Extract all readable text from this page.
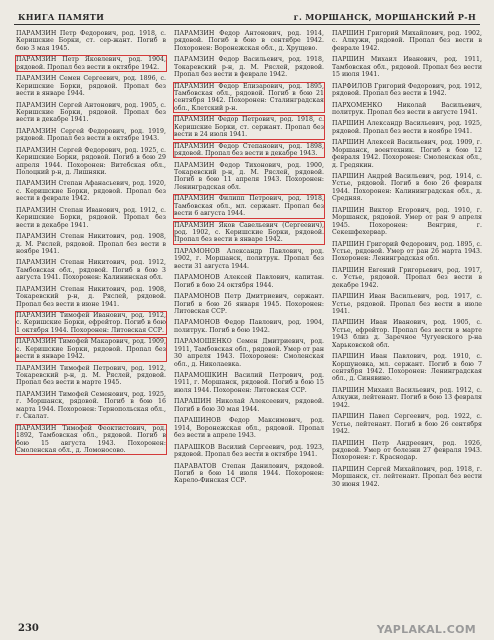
КНИГА ПАМЯТИ	г. МОРШАНСК, МОРШАНСКИЙ Р-Н

ПАРАМЗИН Петр Федорович, род. 1918, с. Керишские Борки, ст. сер-жант. Погиб в бою 3 мая 1945.

ПАРАМЗИН Петр Яковлевич, род. 1904, рядовой. Пропал без вести в октябре 1942.

ПАРАМЗИН Семен Сергеевич, род. 1896, с. Керишские Борки, рядовой. Пропал без вести в январе 1944.

ПАРАМЗИН Сергей Антонович, род. 1905, с. Керишские Борки, рядовой. Пропал без вести в декабре 1941.

ПАРАМЗИН Сергей Федорович, род. 1919, рядовой. Пропал без вести в октябре 1943.

ПАРАМЗИН Сергей Федорович, род. 1925, с. Керишские Борки, рядовой. Погиб в бою 29 апреля 1944. Похоронен: Витебская обл., Полоцкий р-н, д. Лишняки.

ПАРАМЗИН Степан Афанасьевич, род. 1920, с. Керишские Борки, рядовой. Пропал без вести в феврале 1942.

ПАРАМЗИН Степан Иванович, род. 1912, с. Керишские Борки, рядовой. Пропал без вести в декабре 1941.

ПАРАМЗИН Степан Никитович, род. 1908, д. М. Ряслей, рядовой. Пропал без вести в ноябре 1941.

ПАРАМЗИН Степан Никитович, род. 1912, Тамбовская обл., рядовой. Погиб в бою 3 августа 1941. Похоронен: Калининская обл.

ПАРАМЗИН Степан Никитович, род. 1908, Токаревский р-н, д. Ряслей, рядовой. Пропал без вести в июне 1941.

ПАРАМЗИН Тимофей Иванович, род. 1912, с. Керишские Борки, ефрейтор. Погиб в бою 1 октября 1944. Похоронен: Литовская ССР.

ПАРАМЗИН Тимофей Макарович, род. 1909, с. Керишские Борки, рядовой. Пропал без вести в январе 1942.

ПАРАМЗИН Тимофей Петрович, род. 1912, Токаревский р-н, д. М. Ряслей, рядовой. Пропал без вести в марте 1945.

ПАРАМЗИН Тимофей Семенович, род. 1925, г. Моршанск, рядовой. Погиб в бою 16 марта 1944. Похоронен: Тернопольская обл., г. Скалат.

ПАРАМЗИН Тимофей Феоктистович, род. 1892, Тамбовская обл., рядовой. Погиб в бою 15 августа 1943. Похоронен: Смоленская обл., д. Ломоносово.

ПАРАМЗИН Федор Антонович, род. 1914, рядовой. Погиб в бою в сентябре 1942. Похоронен: Воронежская обл., д. Хрущево.

ПАРАМЗИН Федор Васильевич, род. 1918, Токаревский р-н, д. М. Ряслей, рядовой. Пропал без вести в феврале 1942.

ПАРАМЗИН Федор Елизарович, род. 1895, Тамбовская обл., рядовой. Погиб в бою 21 сентября 1942. Похоронен: Сталинградская обл., Клетский р-н.

ПАРАМЗИН Федор Петрович, род. 1918, с. Керишские Борки, ст. сержант. Пропал без вести в 24 июля 1941.

ПАРАМЗИН Федор Степанович, род. 1898, рядовой. Пропал без вести в декабре 1943.

ПАРАМЗИН Федор Тихонович, род. 1900, Токаревский р-н, д. М. Ряслей, рядовой. Погиб в бою 11 апреля 1943. Похоронен: Ленинградская обл.

ПАРАМЗИН Филипп Петрович, род. 1918, Тамбовская обл., мл. сержант. Пропал без вести 6 августа 1944.

ПАРАМЗИН Яков Савельевич (Сергеевич), род. 1902, с. Керишские Борки, рядовой. Пропал без вести в январе 1942.

ПАРАМОНОВ Александр Павлович, род. 1902, г. Моршанск, политрук. Пропал без вести 31 августа 1944.

ПАРАМОНОВ Алексей Павлович, капитан. Погиб в бою 24 октября 1944.

ПАРАМОНОВ Петр Дмитриевич, сержант. Погиб в бою 26 января 1945. Похоронен: Литовская ССР.

ПАРАМОНОВ Федор Павлович, род. 1904, политрук. Погиб в бою 1942.

ПАРАМОШЕНКО Семен Дмитриевич, род. 1911, Тамбовская обл., рядовой. Умер от ран 30 апреля 1943. Похоронен: Смоленская обл., д. Николаевка.

ПАРАМОШКИН Василий Петрович, род. 1911, г. Моршанск, рядовой. Погиб в бою 15 июля 1944. Похоронен: Литовская ССР.

ПАРАШИН Николай Алексеевич, рядовой. Погиб в бою 30 мая 1944.

ПАРАШИНОВ Федор Максимович, род. 1914, Воронежская обл., рядовой. Пропал без вести в апреле 1943.

ПАРАШКОВ Василий Сергеевич, род. 1923, рядовой. Пропал без вести в октябре 1941.

ПАРАВАТОВ Степан Данилович, рядовой. Погиб в бою 14 июля 1944. Похоронен: Карело-Финская ССР.

ПАРШИН Григорий Михайлович, род. 1902, с. Алкужи, рядовой. Пропал без вести в феврале 1942.

ПАРШИН Михаил Иванович, род. 1911, Тамбовская обл., рядовой. Пропал без вести 15 июля 1941.

ПАРФИЛОВ Григорий Федорович, род. 1912, рядовой. Пропал без вести в 1942.

ПАРХОМЕНКО Николай Васильевич, политрук. Пропал без вести в августе 1941.

ПАРШИН Александр Васильевич, род. 1925, рядовой. Пропал без вести в ноябре 1941.

ПАРШИН Алексей Васильевич, род. 1909, г. Моршанск, воентехник. Погиб в бою 12 февраля 1942. Похоронен: Смоленская обл., д. Гредякин.

ПАРШИН Андрей Васильевич, род. 1914, с. Устье, рядовой. Погиб в бою 26 февраля 1944. Похоронен: Калининградская обл., д. Средняя.

ПАРШИН Виктор Егорович, род. 1910, г. Моршанск, рядовой. Умер от ран 9 апреля 1945. Похоронен: Венгрия, г. Секешфехервар.

ПАРШИН Григорий Федорович, род. 1895, с. Устье, рядовой. Умер от ран 26 марта 1943. Похоронен: Ленинградская обл.

ПАРШИН Евгений Григорьевич, род. 1917, с. Устье, рядовой. Пропал без вести в декабре 1942.

ПАРШИН Иван Васильевич, род. 1917, с. Устье, рядовой. Пропал без вести в июле 1941.

ПАРШИН Иван Иванович, род. 1905, с. Устье, ефрейтор. Пропал без вести в марте 1943 близ д. Заречное Чугуевского р-на Харьковской обл.

ПАРШИН Иван Павлович, род. 1910, с. Коршуновка, мл. сержант. Погиб в бою 7 сентября 1942. Похоронен: Ленинградская обл., д. Синявино.

ПАРШИН Михаил Васильевич, род. 1912, с. Алкужи, лейтенант. Погиб в бою 13 февраля 1942.

ПАРШИН Павел Сергеевич, род. 1922, с. Устье, лейтенант. Погиб в бою 26 сентября 1942.

ПАРШИН Петр Андреевич, род. 1926, рядовой. Умер от болезни 27 февраля 1943. Похоронен: г. Краснодар.

ПАРШИН Сергей Михайлович, род. 1918, г. Моршанск, ст. лейтенант. Пропал без вести 30 июня 1942.

230	YAPLAKAL.COM
